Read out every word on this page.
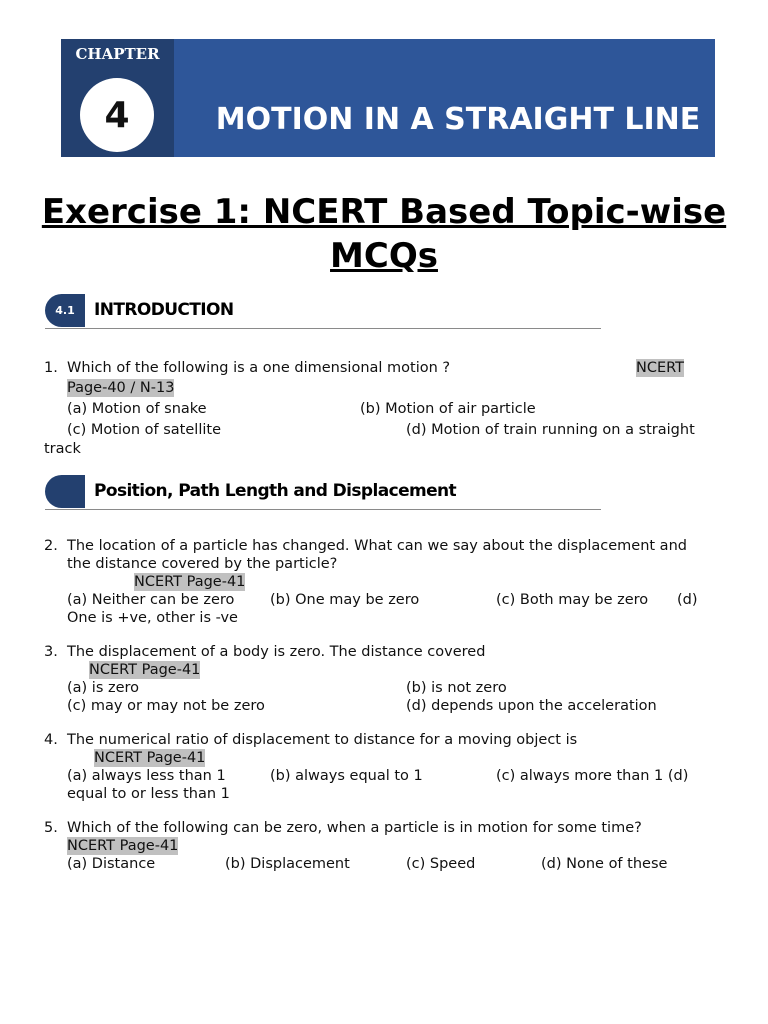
CHAPTER
4	MOTION IN A STRAIGHT LINE
Exercise 1: NCERT Based Topic-wise MCQs
4.1	INTRODUCTION
1. Which of the following is a one dimensional motion ?	NCERT
Page-40 / N-13
(a) Motion of snake	(b) Motion of air particle
(c) Motion of satellite	(d) Motion of train running on a straight
track
Position, Path Length and Displacement
2. The location of a particle has changed. What can we say about the displacement and
the distance covered by the particle?
NCERT Page-41
(a) Neither can be zero (b) One may be zero	(c) Both may be zero (d)
One is +ve, other is -ve
3. The displacement of a body is zero. The distance covered
NCERT Page-41
(a) is zero	(b) is not zero
(c) may or may not be zero	(d) depends upon the acceleration
4. The numerical ratio of displacement to distance for a moving object is
NCERT Page-41
(a) always less than 1	(b) always equal to 1	(c) always more than 1 (d)
equal to or less than 1
5. Which of the following can be zero, when a particle is in motion for some time?
NCERT Page-41
(a) Distance	(b) Displacement	(c) Speed	(d) None of these
